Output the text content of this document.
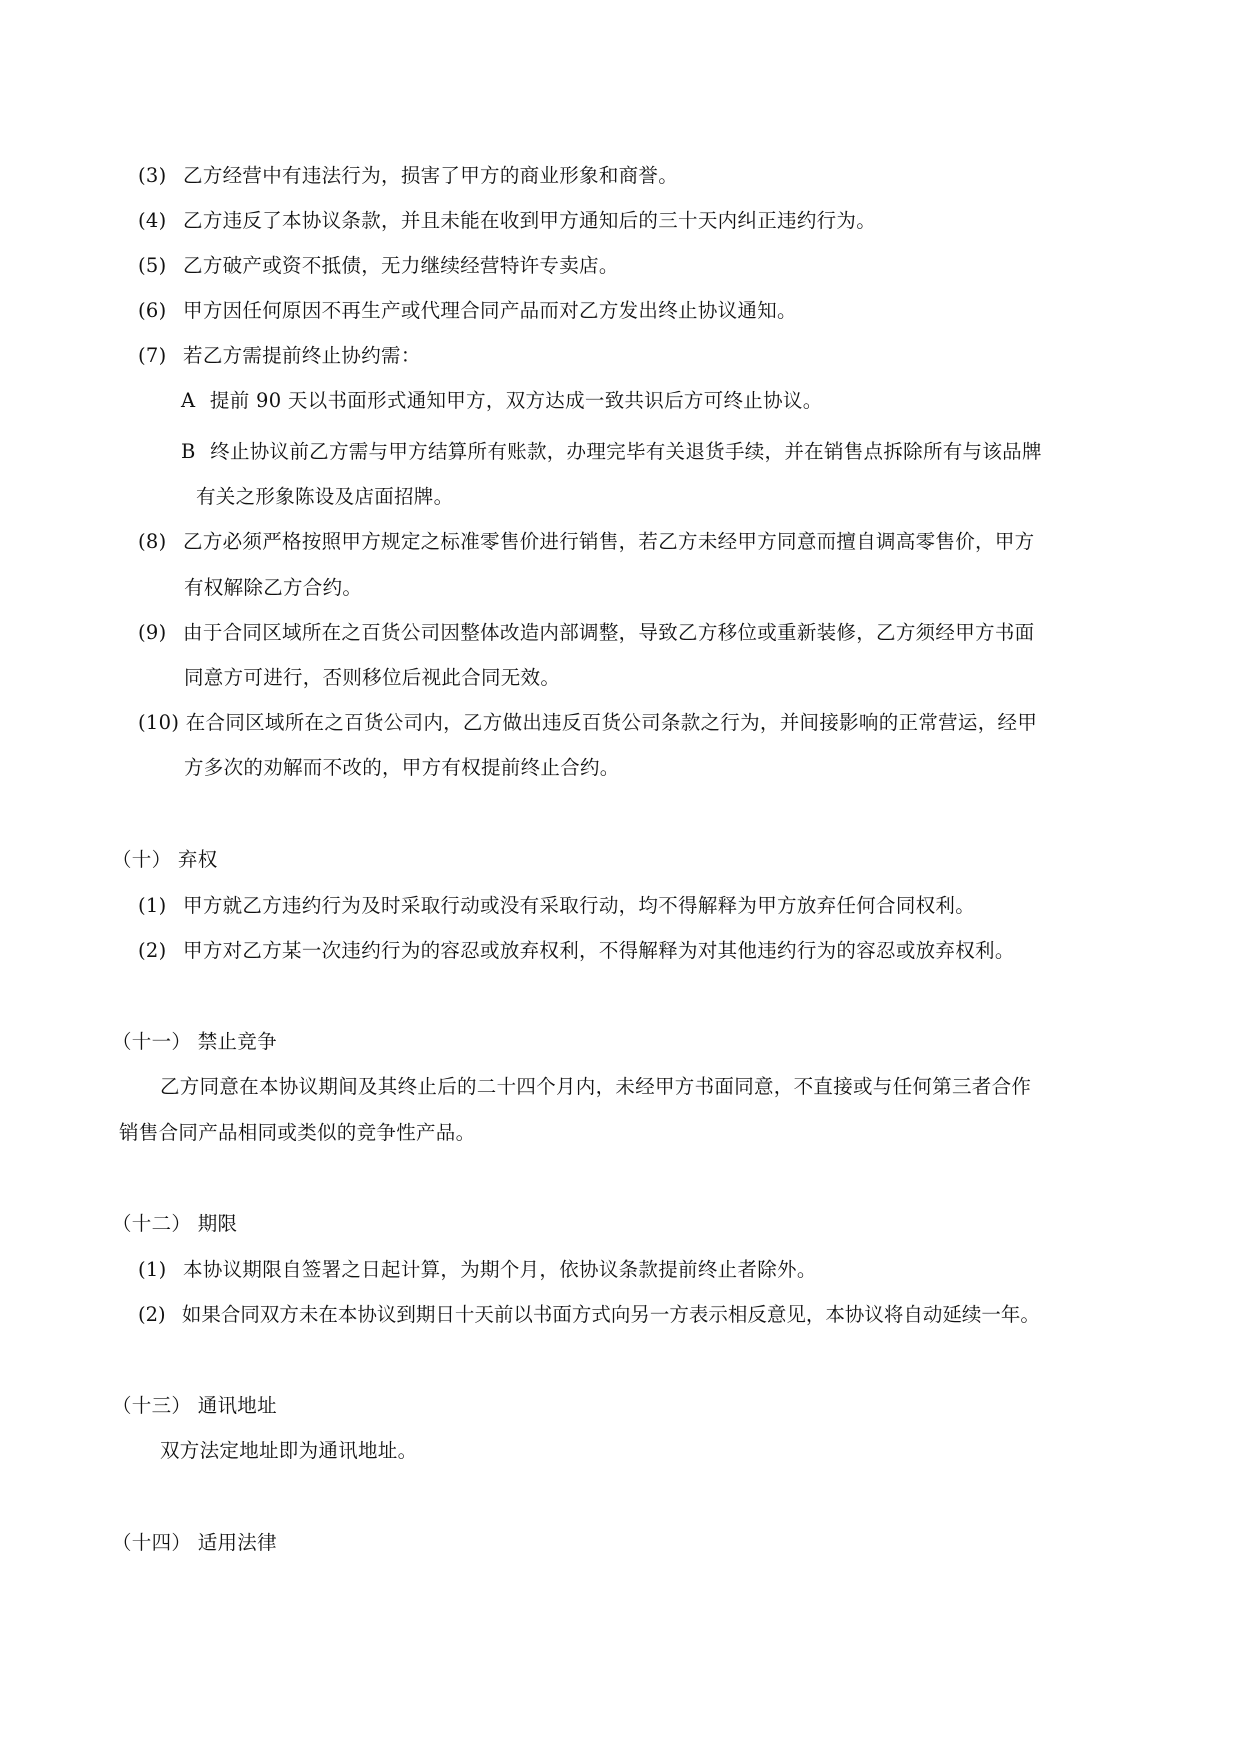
(3) 乙方经营中有违法行为，损害了甲方的商业形象和商誉。
(4) 乙方违反了本协议条款，并且未能在收到甲方通知后的三十天内纠正违约行为。
(5) 乙方破产或资不抵债，无力继续经营特许专卖店。
(6) 甲方因任何原因不再生产或代理合同产品而对乙方发出终止协议通知。
(7) 若乙方需提前终止协约需：
A 提前 90 天以书面形式通知甲方，双方达成一致共识后方可终止协议。
B 终止协议前乙方需与甲方结算所有账款，办理完毕有关退货手续，并在销售点拆除所有与该品牌
有关之形象陈设及店面招牌。
(8) 乙方必须严格按照甲方规定之标准零售价进行销售，若乙方未经甲方同意而擅自调高零售价，甲方
有权解除乙方合约。
(9) 由于合同区域所在之百货公司因整体改造内部调整，导致乙方移位或重新装修，乙方须经甲方书面
同意方可进行，否则移位后视此合同无效。
(10) 在合同区域所在之百货公司内，乙方做出违反百货公司条款之行为，并间接影响的正常营运，经甲
方多次的劝解而不改的，甲方有权提前终止合约。
（十） 弃权
(1) 甲方就乙方违约行为及时采取行动或没有采取行动，均不得解释为甲方放弃任何合同权利。
(2) 甲方对乙方某一次违约行为的容忍或放弃权利，不得解释为对其他违约行为的容忍或放弃权利。
（十一） 禁止竞争
乙方同意在本协议期间及其终止后的二十四个月内，未经甲方书面同意，不直接或与任何第三者合作
销售合同产品相同或类似的竞争性产品。
（十二） 期限
(1) 本协议期限自签署之日起计算，为期个月，依协议条款提前终止者除外。
(2) 如果合同双方未在本协议到期日十天前以书面方式向另一方表示相反意见，本协议将自动延续一年。
（十三） 通讯地址
双方法定地址即为通讯地址。
（十四） 适用法律
